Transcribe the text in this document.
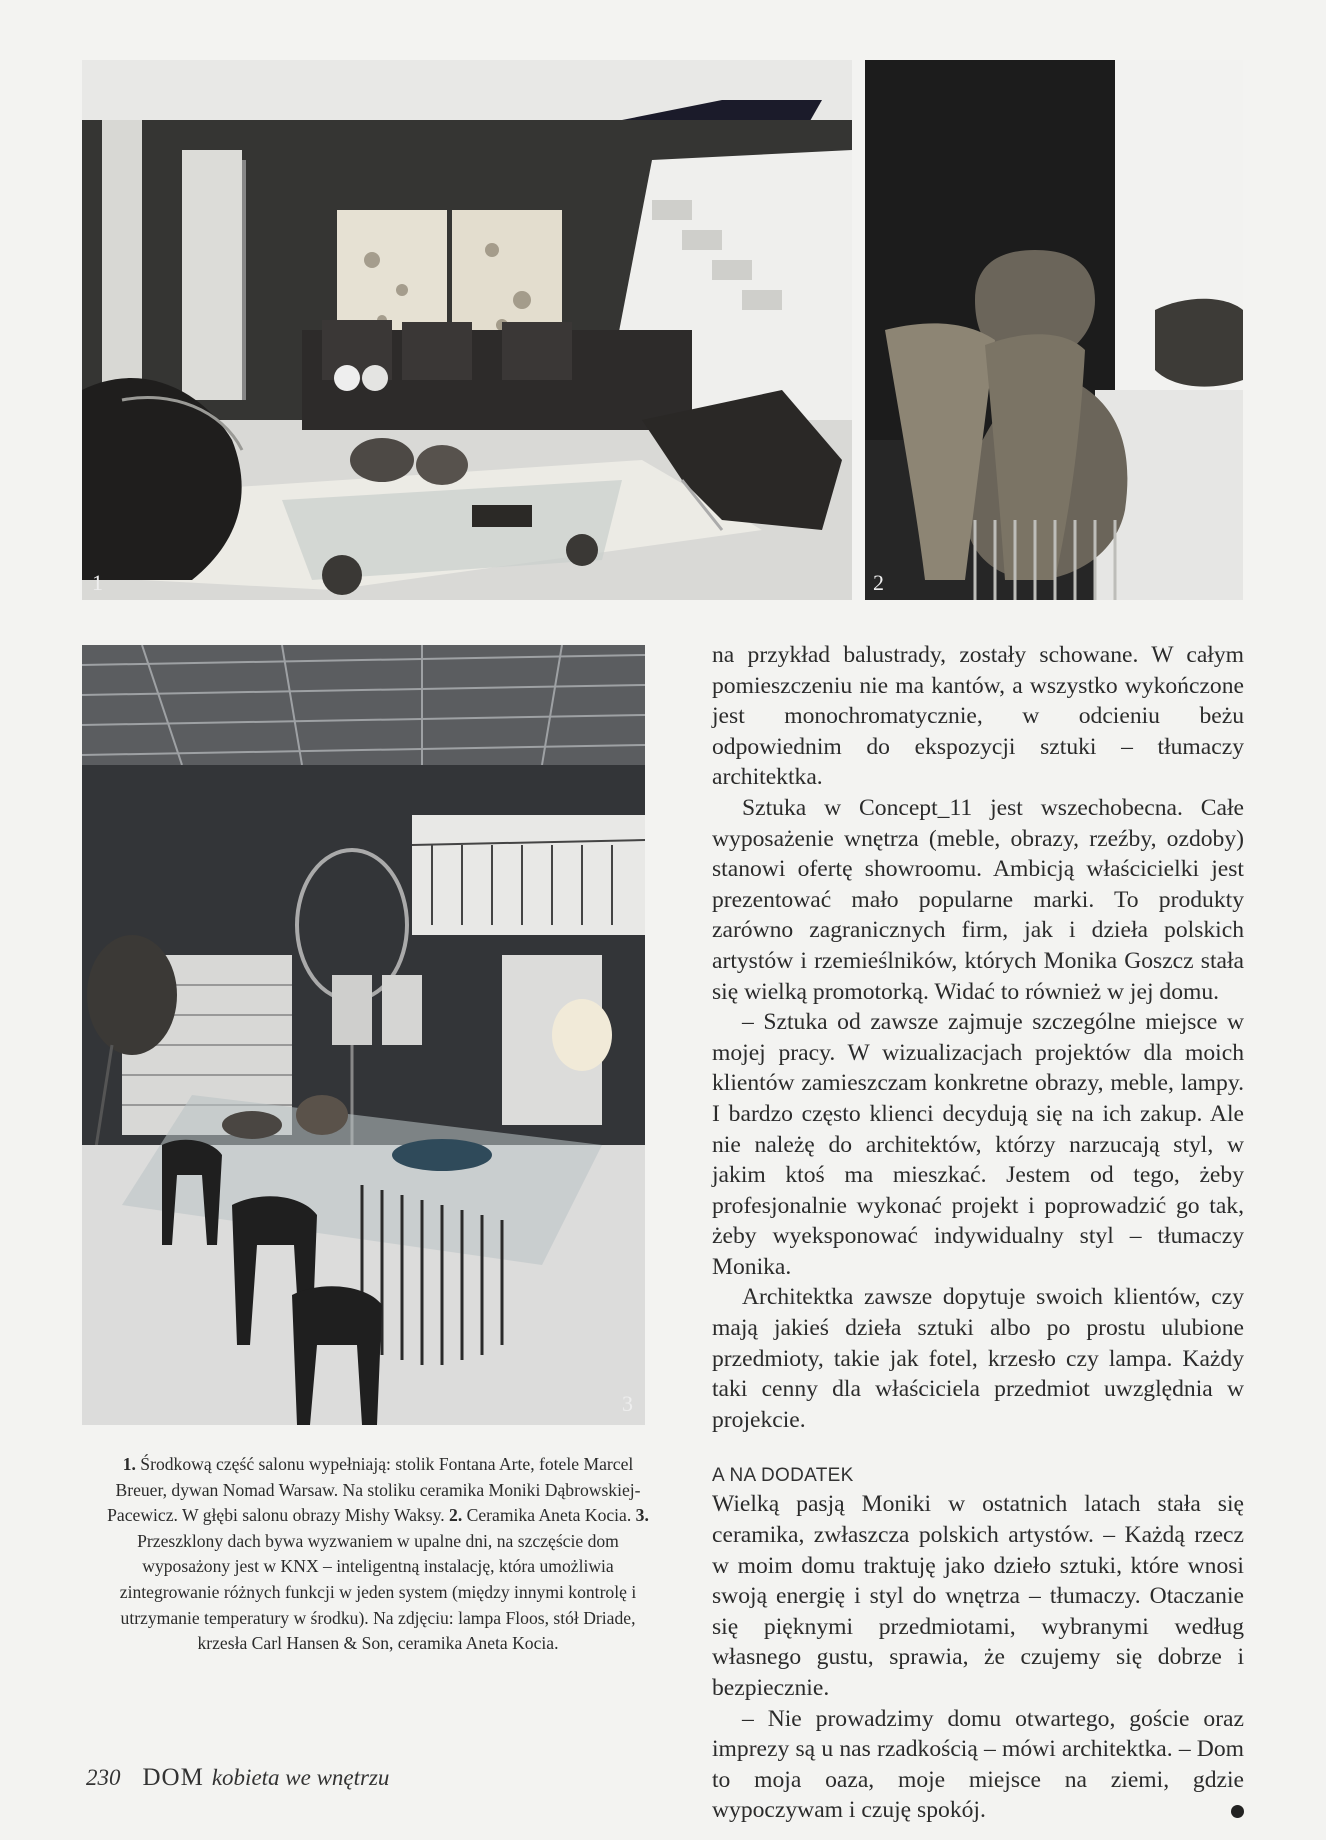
1	2
3

na przykład balustrady, zostały schowane. W całym pomieszczeniu nie ma kantów, a wszystko wykończone jest monochromatycznie, w odcieniu beżu odpowiednim do ekspozycji sztuki – tłumaczy architektka.

Sztuka w Concept_11 jest wszechobecna. Całe wyposażenie wnętrza (meble, obrazy, rzeźby, ozdoby) stanowi ofertę showroomu. Ambicją właścicielki jest prezentować mało popularne marki. To produkty zarówno zagranicznych firm, jak i dzieła polskich artystów i rzemieślników, których Monika Goszcz stała się wielką promotorką. Widać to również w jej domu.

– Sztuka od zawsze zajmuje szczególne miejsce w mojej pracy. W wizualizacjach projektów dla moich klientów zamieszczam konkretne obrazy, meble, lampy. I bardzo często klienci decydują się na ich zakup. Ale nie należę do architektów, którzy narzucają styl, w jakim ktoś ma mieszkać. Jestem od tego, żeby profesjonalnie wykonać projekt i poprowadzić go tak, żeby wyeksponować indywidualny styl – tłumaczy Monika.

Architektka zawsze dopytuje swoich klientów, czy mają jakieś dzieła sztuki albo po prostu ulubione przedmioty, takie jak fotel, krzesło czy lampa. Każdy taki cenny dla właściciela przedmiot uwzględnia w projekcie.

A NA DODATEK

Wielką pasją Moniki w ostatnich latach stała się ceramika, zwłaszcza polskich artystów. – Każdą rzecz w moim domu traktuję jako dzieło sztuki, które wnosi swoją energię i styl do wnętrza – tłumaczy. Otaczanie się pięknymi przedmiotami, wybranymi według własnego gustu, sprawia, że czujemy się dobrze i bezpiecznie.

– Nie prowadzimy domu otwartego, goście oraz imprezy są u nas rzadkością – mówi architektka. – Dom to moja oaza, moje miejsce na ziemi, gdzie wypoczywam i czuję spokój.

1. Środkową część salonu wypełniają: stolik Fontana Arte, fotele Marcel Breuer, dywan Nomad Warsaw. Na stoliku ceramika Moniki Dąbrowskiej-Pacewicz. W głębi salonu obrazy Mishy Waksy. 2. Ceramika Aneta Kocia. 3. Przeszklony dach bywa wyzwaniem w upalne dni, na szczęście dom wyposażony jest w KNX – inteligentną instalację, która umożliwia zintegrowanie różnych funkcji w jeden system (między innymi kontrolę i utrzymanie temperatury w środku). Na zdjęciu: lampa Floos, stół Driade, krzesła Carl Hansen & Son, ceramika Aneta Kocia.
230 DOM kobieta we wnętrzu
